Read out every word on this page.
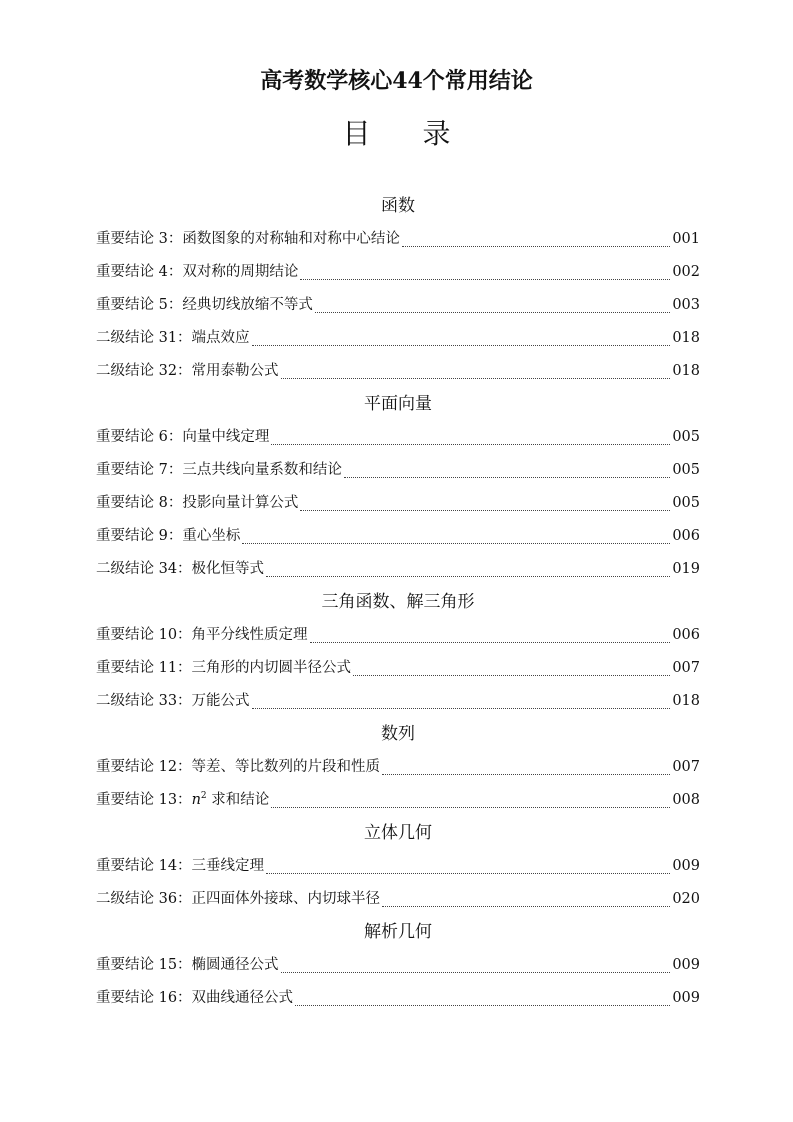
高考数学核心44个常用结论
目 录
函数
重要结论 3：函数图象的对称轴和对称中心结论	001
重要结论 4：双对称的周期结论	002
重要结论 5：经典切线放缩不等式	003
二级结论 31：端点效应	018
二级结论 32：常用泰勒公式	018
平面向量
重要结论 6：向量中线定理	005
重要结论 7：三点共线向量系数和结论	005
重要结论 8：投影向量计算公式	005
重要结论 9：重心坐标	006
二级结论 34：极化恒等式	019
三角函数、解三角形
重要结论 10：角平分线性质定理	006
重要结论 11：三角形的内切圆半径公式	007
二级结论 33：万能公式	018
数列
重要结论 12：等差、等比数列的片段和性质	007
重要结论 13：$n^2$ 求和结论	008
立体几何
重要结论 14：三垂线定理	009
二级结论 36：正四面体外接球、内切球半径	020
解析几何
重要结论 15：椭圆通径公式	009
重要结论 16：双曲线通径公式	009
